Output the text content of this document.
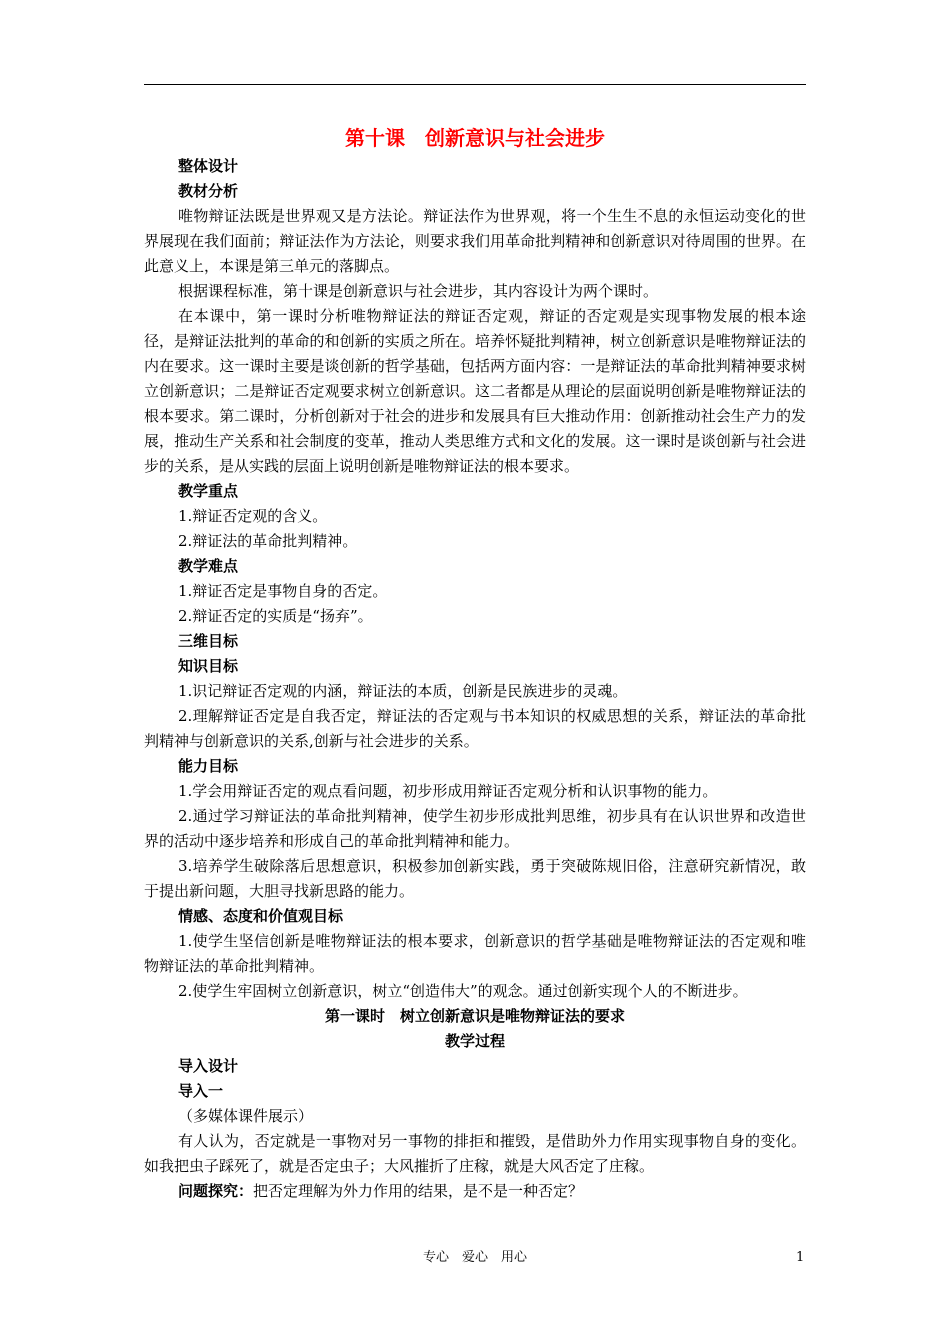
第十课　创新意识与社会进步
整体设计
教材分析
唯物辩证法既是世界观又是方法论。辩证法作为世界观，将一个生生不息的永恒运动变化的世界展现在我们面前；辩证法作为方法论，则要求我们用革命批判精神和创新意识对待周围的世界。在此意义上，本课是第三单元的落脚点。
根据课程标准，第十课是创新意识与社会进步，其内容设计为两个课时。
在本课中，第一课时分析唯物辩证法的辩证否定观，辩证的否定观是实现事物发展的根本途径，是辩证法批判的革命的和创新的实质之所在。培养怀疑批判精神，树立创新意识是唯物辩证法的内在要求。这一课时主要是谈创新的哲学基础，包括两方面内容：一是辩证法的革命批判精神要求树立创新意识；二是辩证否定观要求树立创新意识。这二者都是从理论的层面说明创新是唯物辩证法的根本要求。第二课时，分析创新对于社会的进步和发展具有巨大推动作用：创新推动社会生产力的发展，推动生产关系和社会制度的变革，推动人类思维方式和文化的发展。这一课时是谈创新与社会进步的关系，是从实践的层面上说明创新是唯物辩证法的根本要求。
教学重点
1.辩证否定观的含义。
2.辩证法的革命批判精神。
教学难点
1.辩证否定是事物自身的否定。
2.辩证否定的实质是“扬弃”。
三维目标
知识目标
1.识记辩证否定观的内涵，辩证法的本质，创新是民族进步的灵魂。
2.理解辩证否定是自我否定，辩证法的否定观与书本知识的权威思想的关系，辩证法的革命批判精神与创新意识的关系,创新与社会进步的关系。
能力目标
1.学会用辩证否定的观点看问题，初步形成用辩证否定观分析和认识事物的能力。
2.通过学习辩证法的革命批判精神，使学生初步形成批判思维，初步具有在认识世界和改造世界的活动中逐步培养和形成自己的革命批判精神和能力。
3.培养学生破除落后思想意识，积极参加创新实践，勇于突破陈规旧俗，注意研究新情况，敢于提出新问题，大胆寻找新思路的能力。
情感、态度和价值观目标
1.使学生坚信创新是唯物辩证法的根本要求，创新意识的哲学基础是唯物辩证法的否定观和唯物辩证法的革命批判精神。
2.使学生牢固树立创新意识，树立“创造伟大”的观念。通过创新实现个人的不断进步。
第一课时　树立创新意识是唯物辩证法的要求
教学过程
导入设计
导入一
（多媒体课件展示）
有人认为，否定就是一事物对另一事物的排拒和摧毁，是借助外力作用实现事物自身的变化。如我把虫子踩死了，就是否定虫子；大风摧折了庄稼，就是大风否定了庄稼。
问题探究：把否定理解为外力作用的结果，是不是一种否定？
专心　爱心　用心	1
